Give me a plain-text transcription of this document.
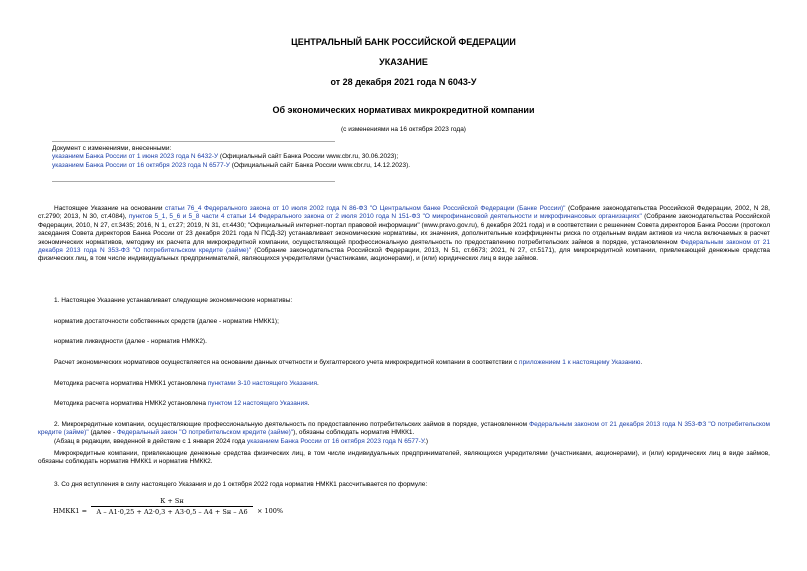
ЦЕНТРАЛЬНЫЙ БАНК РОССИЙСКОЙ ФЕДЕРАЦИИ
УКАЗАНИЕ
от 28 декабря 2021 года N 6043-У
Об экономических нормативах микрокредитной компании
(с изменениями на 16 октября 2023 года)
Документ с изменениями, внесенными:
указанием Банка России от 1 июня 2023 года N 6432-У (Официальный сайт Банка России www.cbr.ru, 30.06.2023);
указанием Банка России от 16 октября 2023 года N 6577-У (Официальный сайт Банка России www.cbr.ru, 14.12.2023).
Настоящее Указание на основании статьи 76_4 Федерального закона от 10 июля 2002 года N 86-ФЗ "О Центральном банке Российской Федерации (Банке России)" (Собрание законодательства Российской Федерации, 2002, N 28, ст.2790; 2013, N 30, ст.4084), пунктов 5_1, 5_6 и 5_8 части 4 статьи 14 Федерального закона от 2 июля 2010 года N 151-ФЗ "О микрофинансовой деятельности и микрофинансовых организациях" (Собрание законодательства Российской Федерации, 2010, N 27, ст.3435; 2016, N 1, ст.27; 2019, N 31, ст.4430; "Официальный интернет-портал правовой информации" (www.pravo.gov.ru), 6 декабря 2021 года) и в соответствии с решением Совета директоров Банка России (протокол заседания Совета директоров Банка России от 23 декабря 2021 года N ПСД-32) устанавливает экономические нормативы, их значения, дополнительные коэффициенты риска по отдельным видам активов из числа включаемых в расчет экономических нормативов, методику их расчета для микрокредитной компании, осуществляющей профессиональную деятельность по предоставлению потребительских займов в порядке, установленном Федеральным законом от 21 декабря 2013 года N 353-ФЗ "О потребительском кредите (займе)" (Собрание законодательства Российской Федерации, 2013, N 51, ст.6673; 2021, N 27, ст.5171), для микрокредитной компании, привлекающей денежные средства физических лиц, в том числе индивидуальных предпринимателей, являющихся учредителями (участниками, акционерами), и (или) юридических лиц в виде займов.
1. Настоящее Указание устанавливает следующие экономические нормативы:
норматив достаточности собственных средств (далее - норматив НМКК1);
норматив ликвидности (далее - норматив НМКК2).
Расчет экономических нормативов осуществляется на основании данных отчетности и бухгалтерского учета микрокредитной компании в соответствии с приложением 1 к настоящему Указанию.
Методика расчета норматива НМКК1 установлена пунктами 3-10 настоящего Указания.
Методика расчета норматива НМКК2 установлена пунктом 12 настоящего Указания.
2. Микрокредитные компании, осуществляющие профессиональную деятельность по предоставлению потребительских займов в порядке, установленном Федеральным законом от 21 декабря 2013 года N 353-ФЗ "О потребительском кредите (займе)" (далее - Федеральный закон "О потребительском кредите (займе)"), обязаны соблюдать норматив НМКК1.
(Абзац в редакции, введенной в действие с 1 января 2024 года указанием Банка России от 16 октября 2023 года N 6577-У.)
Микрокредитные компании, привлекающие денежные средства физических лиц, в том числе индивидуальных предпринимателей, являющихся учредителями (участниками, акционерами), и (или) юридических лиц в виде займов, обязаны соблюдать норматив НМКК1 и норматив НМКК2.
3. Со дня вступления в силу настоящего Указания и до 1 октября 2022 года норматив НМКК1 рассчитывается по формуле:
НМКК1 =
К + Sн
А – А1·0,25 + А2·0,3 + А3·0,5 – А4 + Sн – А6	× 100%
